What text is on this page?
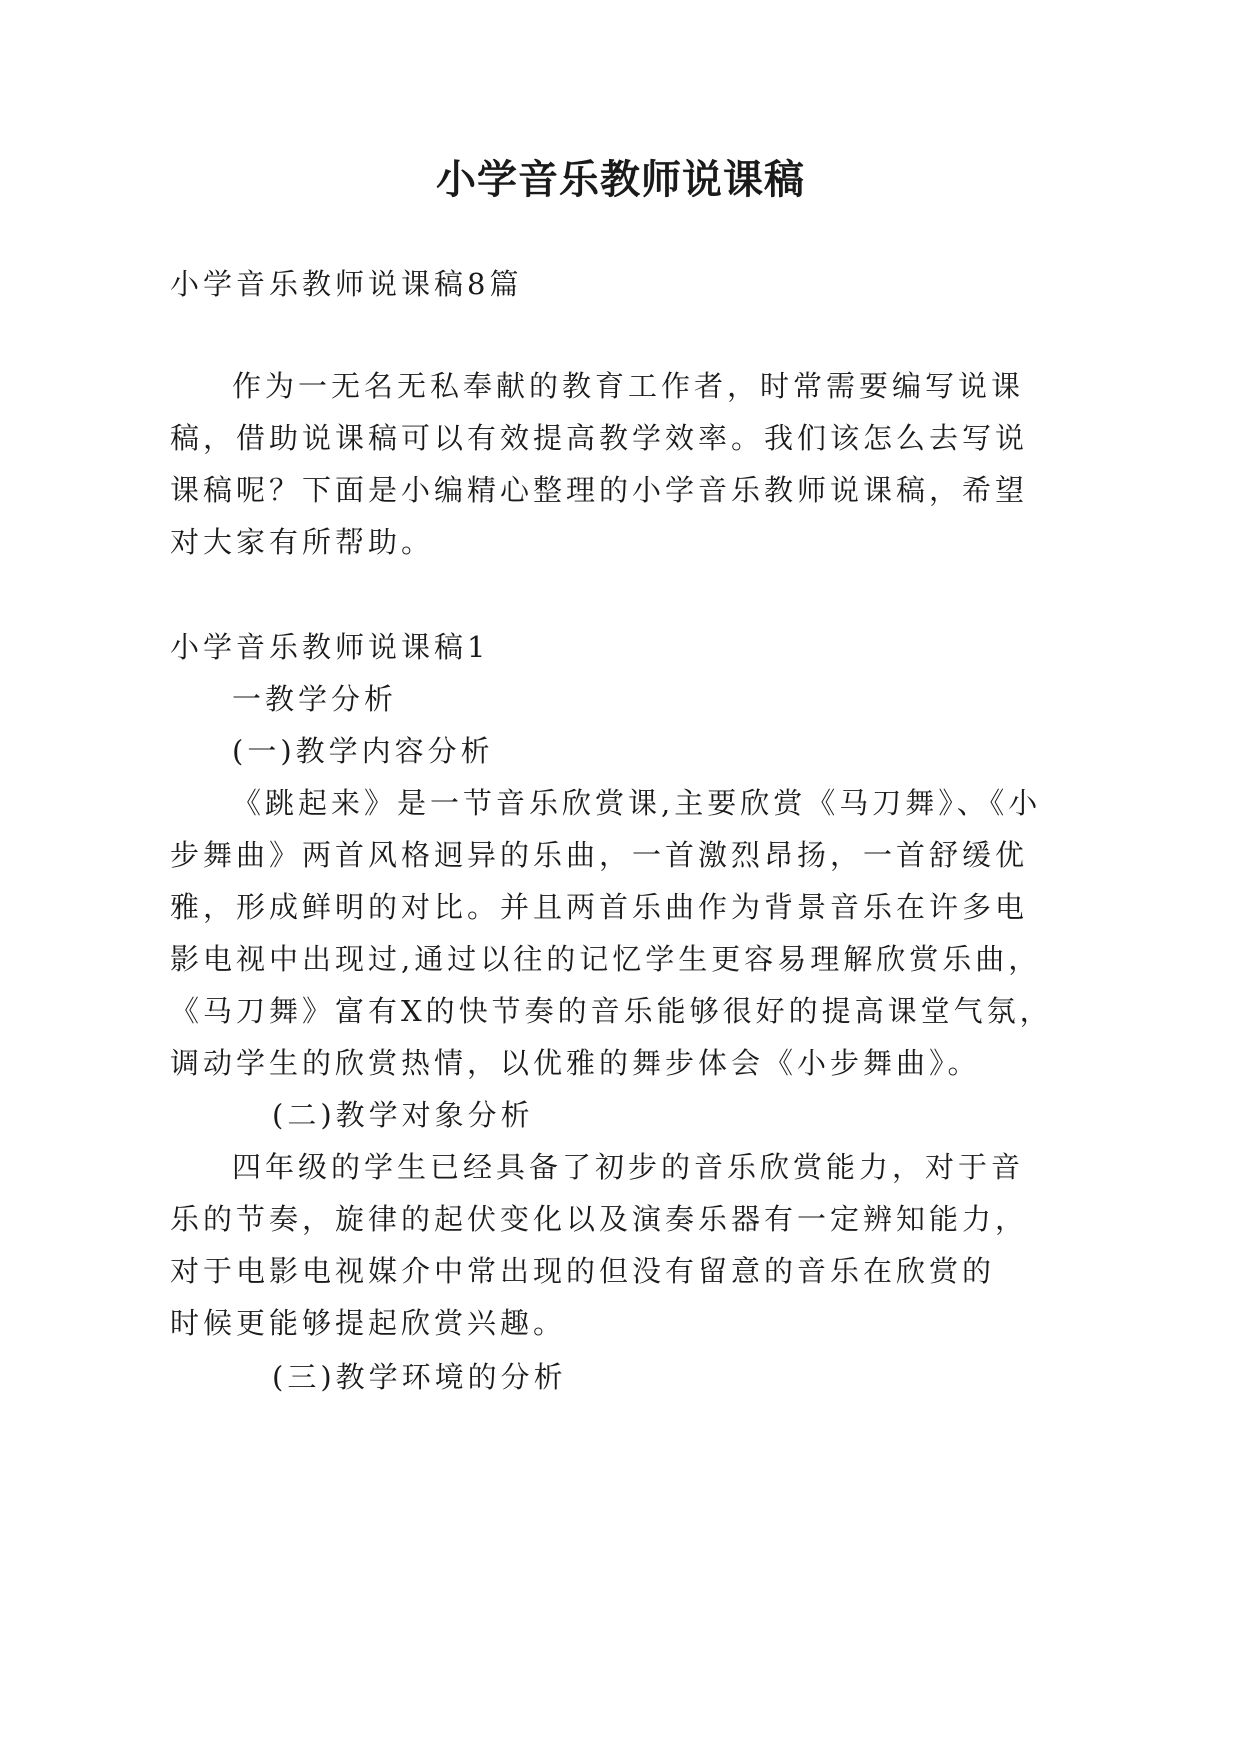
小学音乐教师说课稿

小学音乐教师说课稿8篇

作为一无名无私奉献的教育工作者，时常需要编写说课

稿，借助说课稿可以有效提高教学效率。我们该怎么去写说

课稿呢？下面是小编精心整理的小学音乐教师说课稿，希望

对大家有所帮助。

小学音乐教师说课稿1

一教学分析

(一)教学内容分析

《跳起来》是一节音乐欣赏课,主要欣赏《马刀舞》、《小

步舞曲》两首风格迥异的乐曲，一首激烈昂扬，一首舒缓优

雅，形成鲜明的对比。并且两首乐曲作为背景音乐在许多电

影电视中出现过,通过以往的记忆学生更容易理解欣赏乐曲，

《马刀舞》富有X的快节奏的音乐能够很好的提高课堂气氛，

调动学生的欣赏热情，以优雅的舞步体会《小步舞曲》。

(二)教学对象分析

四年级的学生已经具备了初步的音乐欣赏能力，对于音

乐的节奏，旋律的起伏变化以及演奏乐器有一定辨知能力，

对于电影电视媒介中常出现的但没有留意的音乐在欣赏的

时候更能够提起欣赏兴趣。

(三)教学环境的分析
